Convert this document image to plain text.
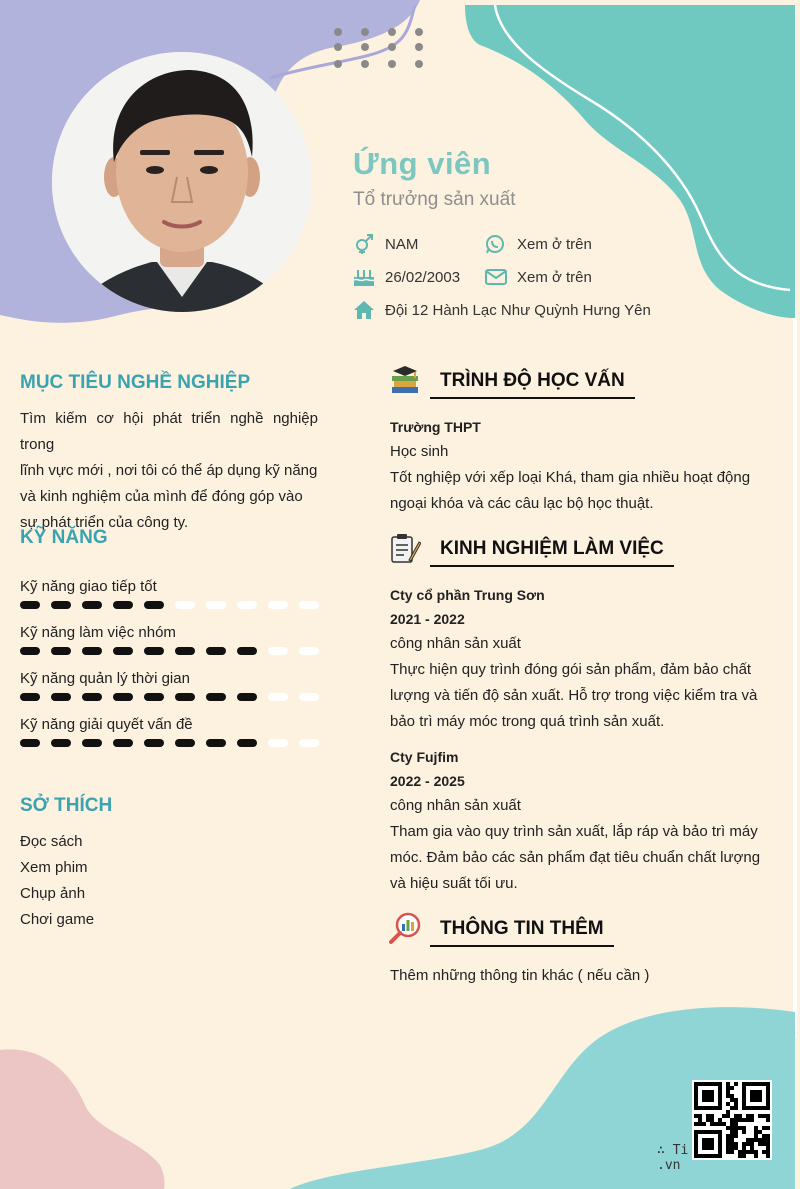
Ứng viên
Tổ trưởng sản xuất
NAM	Xem ở trên
26/02/2003	Xem ở trên
Đội 12 Hành Lạc Như Quỳnh Hưng Yên
MỤC TIÊU NGHỀ NGHIỆP
Tìm kiếm cơ hội phát triển nghề nghiệp trong
lĩnh vực mới , nơi tôi có thể áp dụng kỹ năng
và kinh nghiệm của mình để đóng góp vào
sự phát triển của công ty.
KỸ NĂNG
Kỹ năng giao tiếp tốt
Kỹ năng làm việc nhóm
Kỹ năng quản lý thời gian
Kỹ năng giải quyết vấn đề
SỞ THÍCH
Đọc sách
Xem phim
Chụp ảnh
Chơi game
TRÌNH ĐỘ HỌC VẤN
Trường THPT
Học sinh
Tốt nghiệp với xếp loại Khá, tham gia nhiều hoạt động
ngoại khóa và các câu lạc bộ học thuật.
KINH NGHIỆM LÀM VIỆC
Cty cổ phần Trung Sơn
2021 - 2022
công nhân sản xuất
Thực hiện quy trình đóng gói sản phẩm, đảm bảo chất
lượng và tiến độ sản xuất. Hỗ trợ trong việc kiểm tra và
bảo trì máy móc trong quá trình sản xuất.
Cty Fujfim
2022 - 2025
công nhân sản xuất
Tham gia vào quy trình sản xuất, lắp ráp và bảo trì máy
móc. Đảm bảo các sản phẩm đạt tiêu chuẩn chất lượng
và hiệu suất tối ưu.
THÔNG TIN THÊM
Thêm những thông tin khác ( nếu cần )
∴ Ti.vn
